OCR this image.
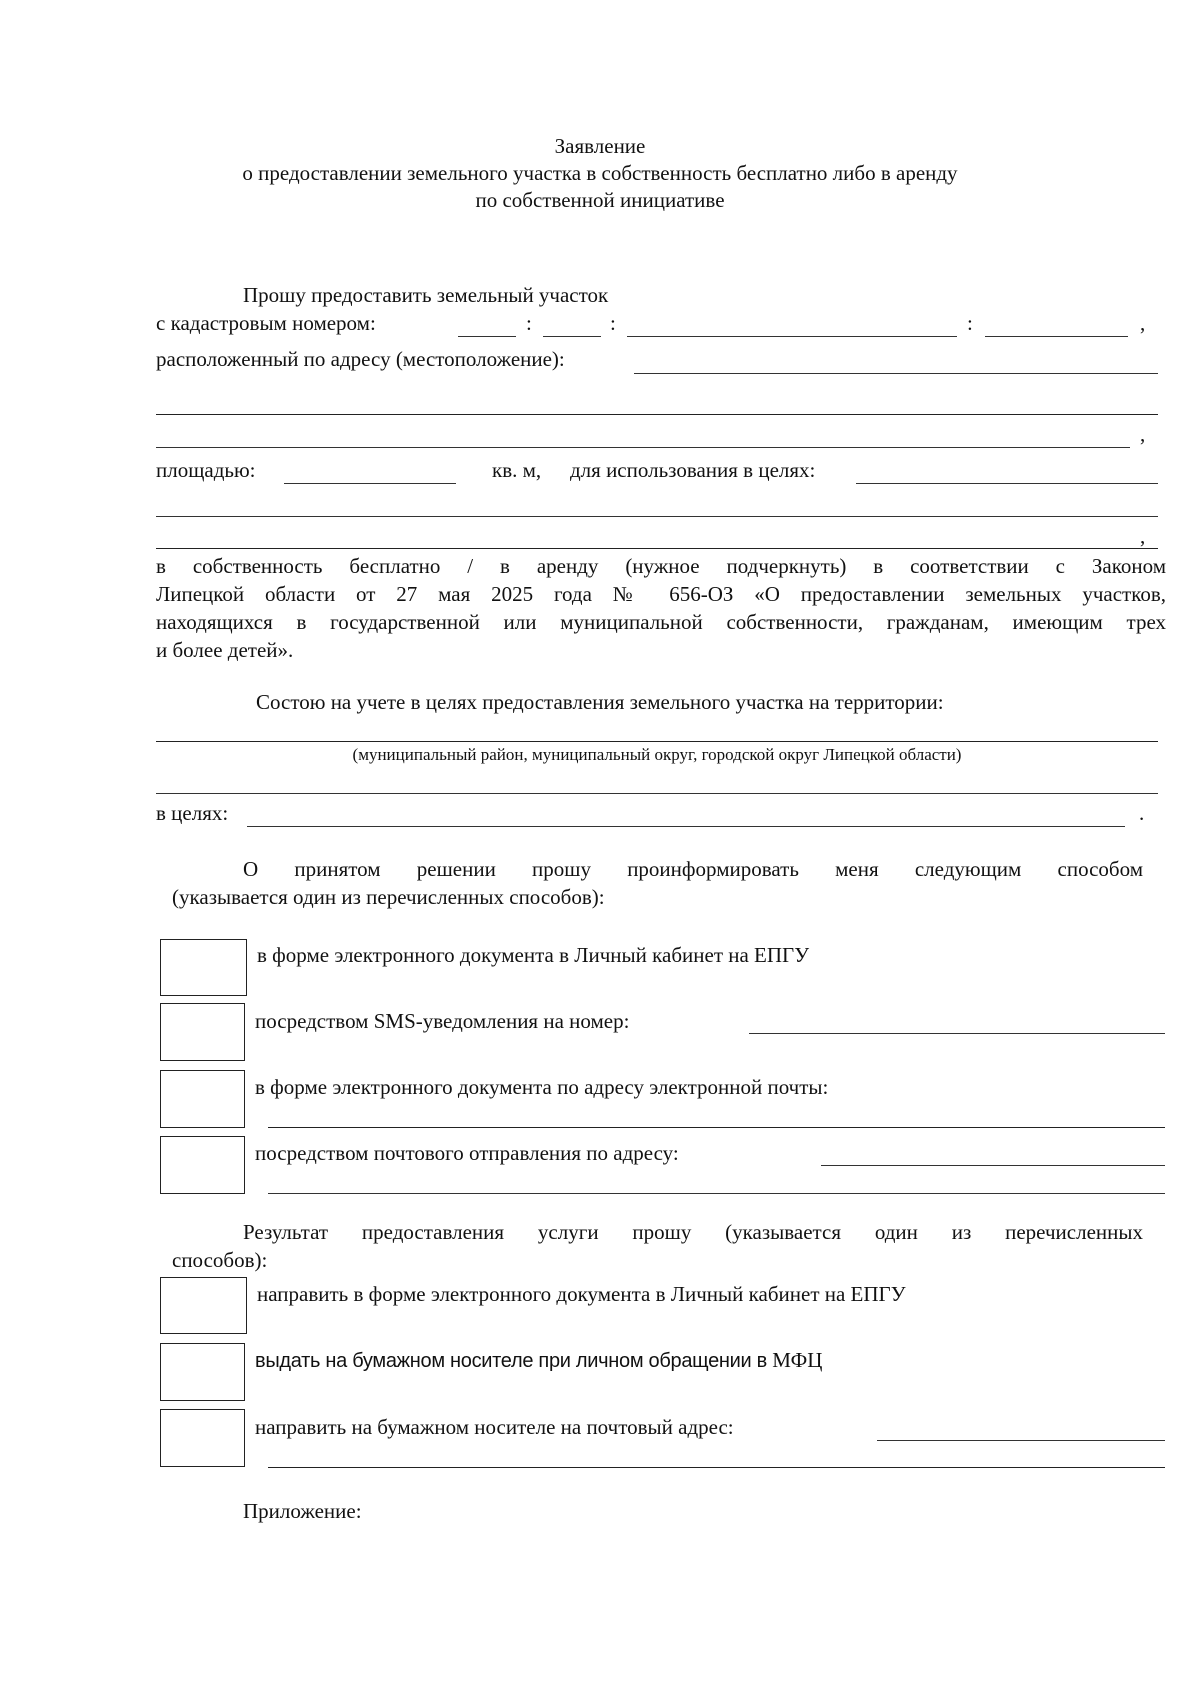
Заявление
о предоставлении земельного участка в собственность бесплатно либо в аренду
по собственной инициативе
Прошу предоставить земельный участок
с кадастровым номером:	:	:	:	,
расположенный по адресу (местоположение):
,
площадью:	кв. м, для использования в целях:
,
в собственность бесплатно / в аренду (нужное подчеркнуть) в соответствии с Законом
Липецкой области от 27 мая 2025 года № 656-ОЗ «О предоставлении земельных участков,
находящихся в государственной или муниципальной собственности, гражданам, имеющим трех
и более детей».
Состою на учете в целях предоставления земельного участка на территории:
(муниципальный район, муниципальный округ, городской округ Липецкой области)
в целях:	.
О принятом решении прошу проинформировать меня следующим способом
(указывается один из перечисленных способов):
в форме электронного документа в Личный кабинет на ЕПГУ
посредством SMS-уведомления на номер:
в форме электронного документа по адресу электронной почты:
посредством почтового отправления по адресу:
Результат предоставления услуги прошу (указывается один из перечисленных
способов):
направить в форме электронного документа в Личный кабинет на ЕПГУ
выдать на бумажном носителе при личном обращении в МФЦ
направить на бумажном носителе на почтовый адрес:
Приложение:
